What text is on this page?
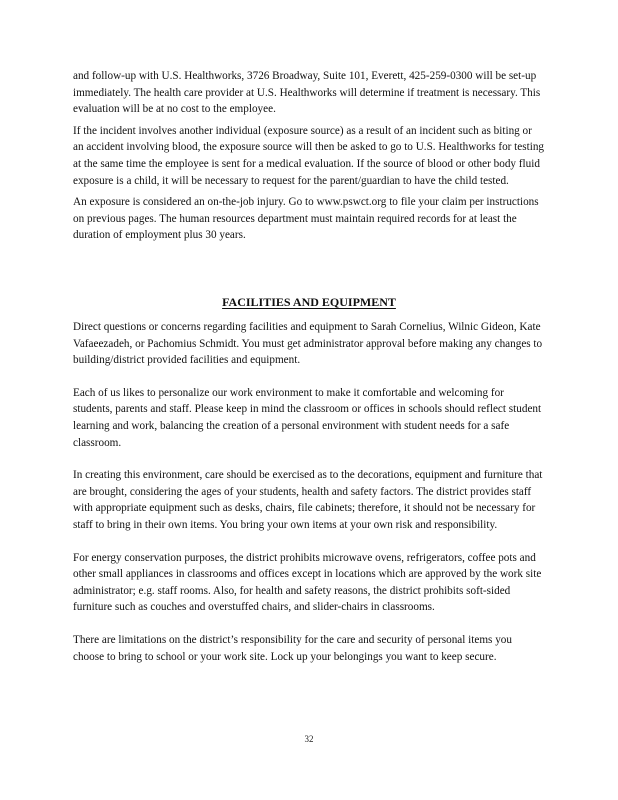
and follow-up with U.S. Healthworks, 3726 Broadway, Suite 101, Everett, 425-259-0300 will be set-up immediately. The health care provider at U.S. Healthworks will determine if treatment is necessary. This evaluation will be at no cost to the employee.

If the incident involves another individual (exposure source) as a result of an incident such as biting or an accident involving blood, the exposure source will then be asked to go to U.S. Healthworks for testing at the same time the employee is sent for a medical evaluation. If the source of blood or other body fluid exposure is a child, it will be necessary to request for the parent/guardian to have the child tested.

An exposure is considered an on-the-job injury. Go to www.pswct.org to file your claim per instructions on previous pages. The human resources department must maintain required records for at least the duration of employment plus 30 years.

FACILITIES AND EQUIPMENT

Direct questions or concerns regarding facilities and equipment to Sarah Cornelius, Wilnic Gideon, Kate Vafaeezadeh, or Pachomius Schmidt. You must get administrator approval before making any changes to building/district provided facilities and equipment.

Each of us likes to personalize our work environment to make it comfortable and welcoming for students, parents and staff. Please keep in mind the classroom or offices in schools should reflect student learning and work, balancing the creation of a personal environment with student needs for a safe classroom.

In creating this environment, care should be exercised as to the decorations, equipment and furniture that are brought, considering the ages of your students, health and safety factors. The district provides staff with appropriate equipment such as desks, chairs, file cabinets; therefore, it should not be necessary for staff to bring in their own items. You bring your own items at your own risk and responsibility.

For energy conservation purposes, the district prohibits microwave ovens, refrigerators, coffee pots and other small appliances in classrooms and offices except in locations which are approved by the work site administrator; e.g. staff rooms. Also, for health and safety reasons, the district prohibits soft-sided furniture such as couches and overstuffed chairs, and slider-chairs in classrooms.

There are limitations on the district’s responsibility for the care and security of personal items you choose to bring to school or your work site. Lock up your belongings you want to keep secure.

32
